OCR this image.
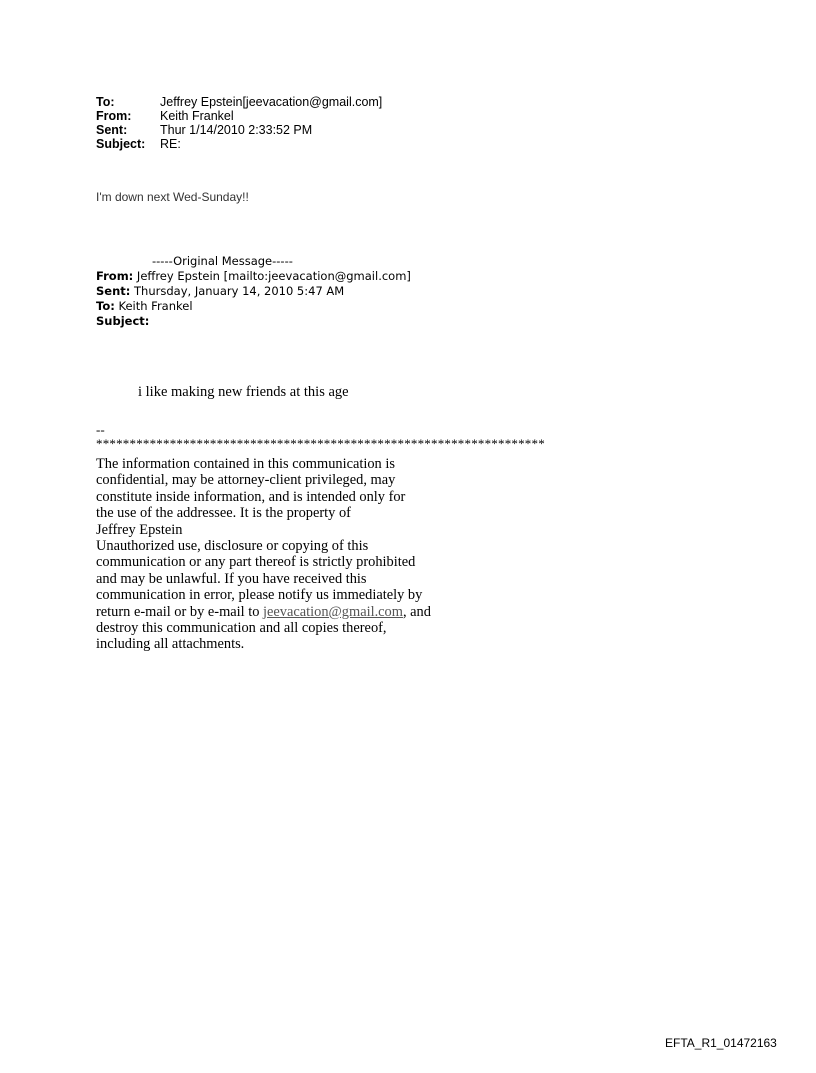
To:	Jeffrey Epstein[jeevacation@gmail.com]
From:	Keith Frankel
Sent:	Thur 1/14/2010 2:33:52 PM
Subject:	RE:
I'm down next Wed-Sunday!!
-----Original Message-----
From: Jeffrey Epstein [mailto:jeevacation@gmail.com]
Sent: Thursday, January 14, 2010 5:47 AM
To: Keith Frankel
Subject:
i like making new friends at this age
--
*******************************************************************
The information contained in this communication is
confidential, may be attorney-client privileged, may
constitute inside information, and is intended only for
the use of the addressee. It is the property of
Jeffrey Epstein
Unauthorized use, disclosure or copying of this
communication or any part thereof is strictly prohibited
and may be unlawful. If you have received this
communication in error, please notify us immediately by
return e-mail or by e-mail to jeevacation@gmail.com, and
destroy this communication and all copies thereof,
including all attachments.
EFTA_R1_01472163
